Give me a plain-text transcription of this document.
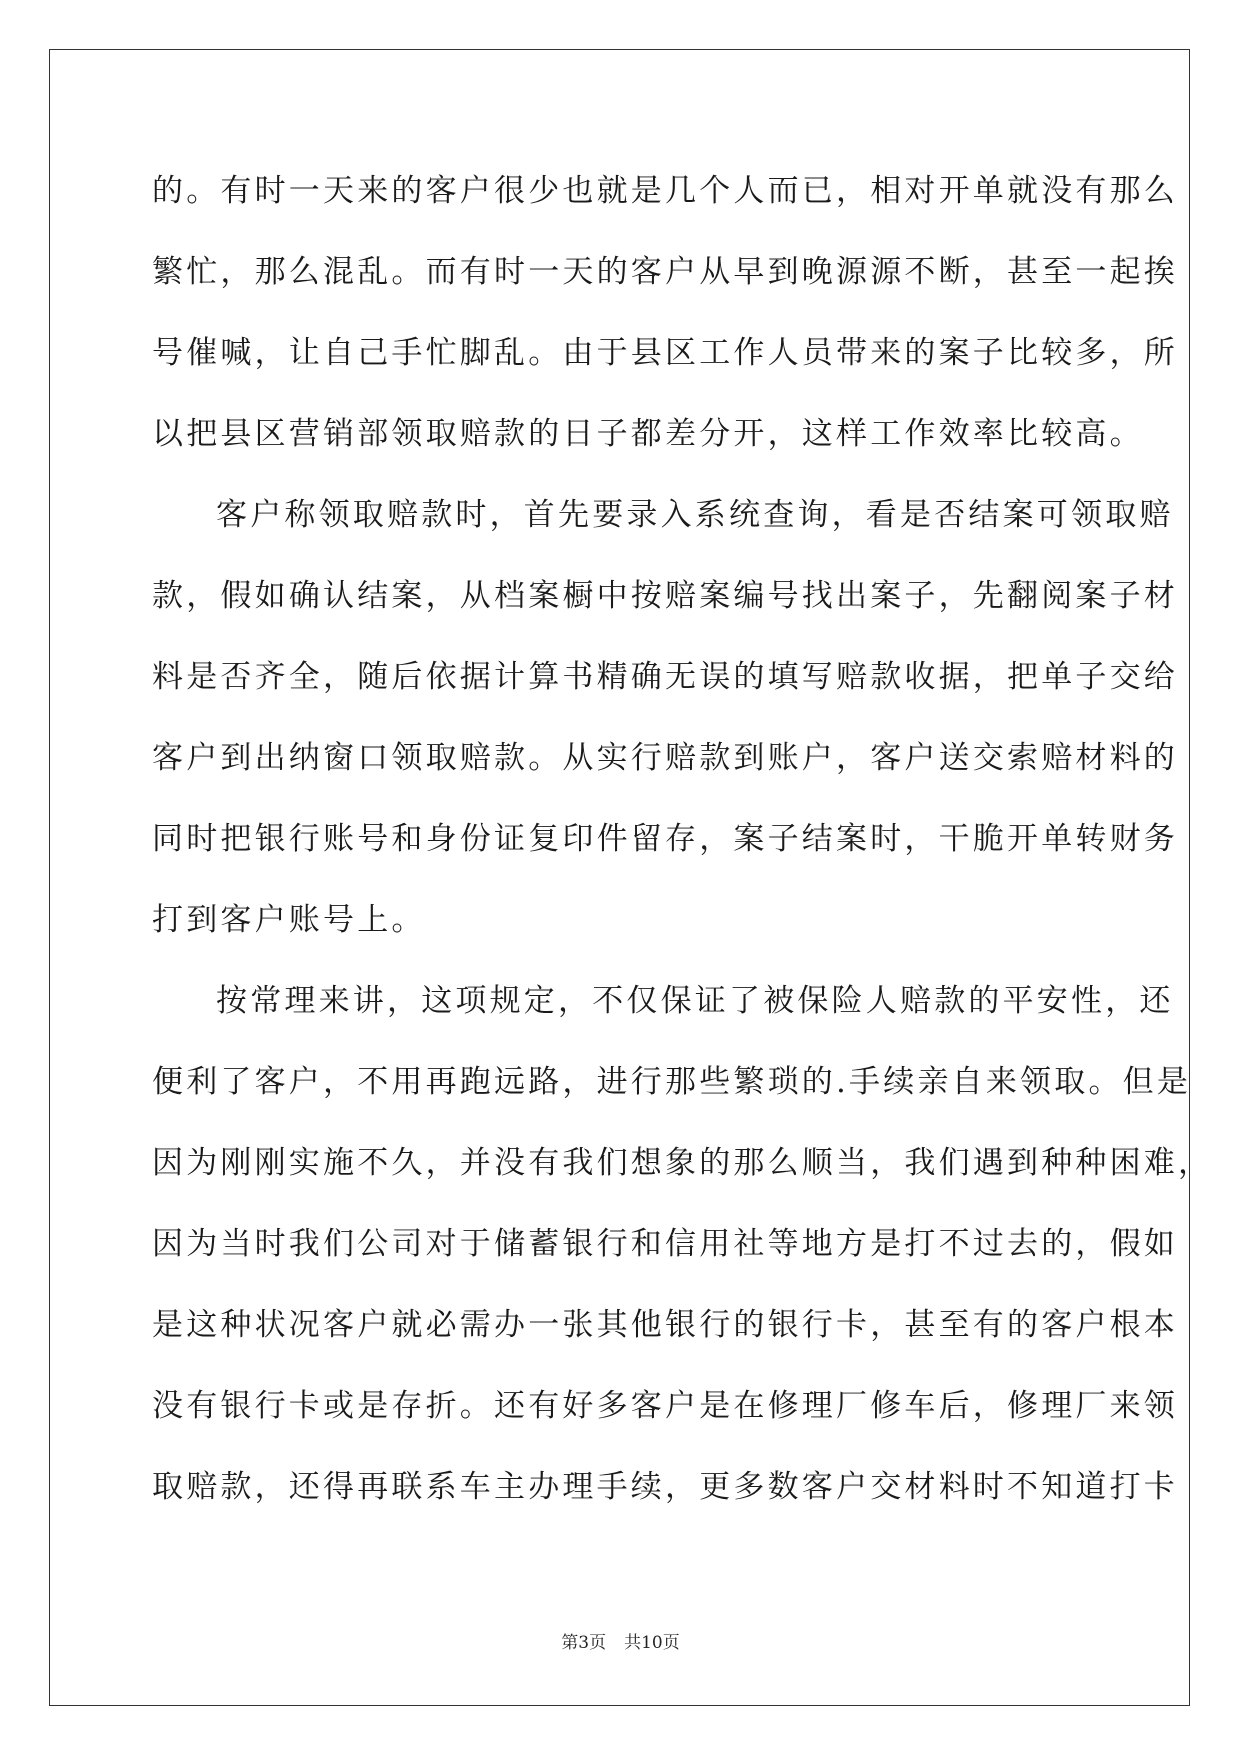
的。有时一天来的客户很少也就是几个人而已，相对开单就没有那么
繁忙，那么混乱。而有时一天的客户从早到晚源源不断，甚至一起挨
号催喊，让自己手忙脚乱。由于县区工作人员带来的案子比较多，所
以把县区营销部领取赔款的日子都差分开，这样工作效率比较高。
客户称领取赔款时，首先要录入系统查询，看是否结案可领取赔
款，假如确认结案，从档案橱中按赔案编号找出案子，先翻阅案子材
料是否齐全，随后依据计算书精确无误的填写赔款收据，把单子交给
客户到出纳窗口领取赔款。从实行赔款到账户，客户送交索赔材料的
同时把银行账号和身份证复印件留存，案子结案时，干脆开单转财务
打到客户账号上。
按常理来讲，这项规定，不仅保证了被保险人赔款的平安性，还
便利了客户，不用再跑远路，进行那些繁琐的.手续亲自来领取。但是
因为刚刚实施不久，并没有我们想象的那么顺当，我们遇到种种困难，
因为当时我们公司对于储蓄银行和信用社等地方是打不过去的，假如
是这种状况客户就必需办一张其他银行的银行卡，甚至有的客户根本
没有银行卡或是存折。还有好多客户是在修理厂修车后，修理厂来领
取赔款，还得再联系车主办理手续，更多数客户交材料时不知道打卡
第3页 共10页
